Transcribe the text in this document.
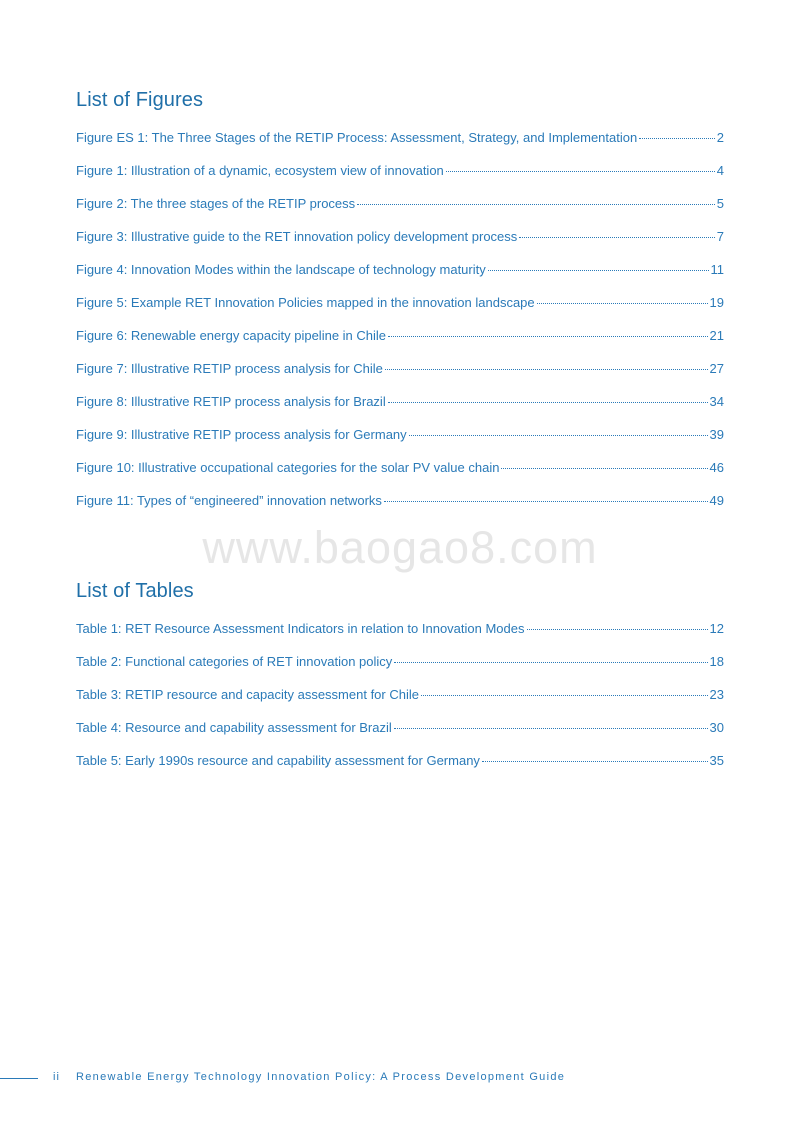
List of Figures
Figure ES 1: The Three Stages of the RETIP Process: Assessment, Strategy, and Implementation	2
Figure 1: Illustration of a dynamic, ecosystem view of innovation	4
Figure 2: The three stages of the RETIP process	5
Figure 3: Illustrative guide to the RET innovation policy development process	7
Figure 4: Innovation Modes within the landscape of technology maturity	11
Figure 5: Example RET Innovation Policies mapped in the innovation landscape	19
Figure 6: Renewable energy capacity pipeline in Chile	21
Figure 7: Illustrative RETIP process analysis for Chile	27
Figure 8: Illustrative RETIP process analysis for Brazil	34
Figure 9: Illustrative RETIP process analysis for Germany	39
Figure 10: Illustrative occupational categories for the solar PV value chain	46
Figure 11: Types of “engineered” innovation networks	49
www.baogao8.com
List of Tables
Table 1: RET Resource Assessment Indicators in relation to Innovation Modes	12
Table 2: Functional categories of RET innovation policy	18
Table 3: RETIP resource and capacity assessment for Chile	23
Table 4: Resource and capability assessment for Brazil	30
Table 5: Early 1990s resource and capability assessment for Germany	35
ii Renewable Energy Technology Innovation Policy: A Process Development Guide
